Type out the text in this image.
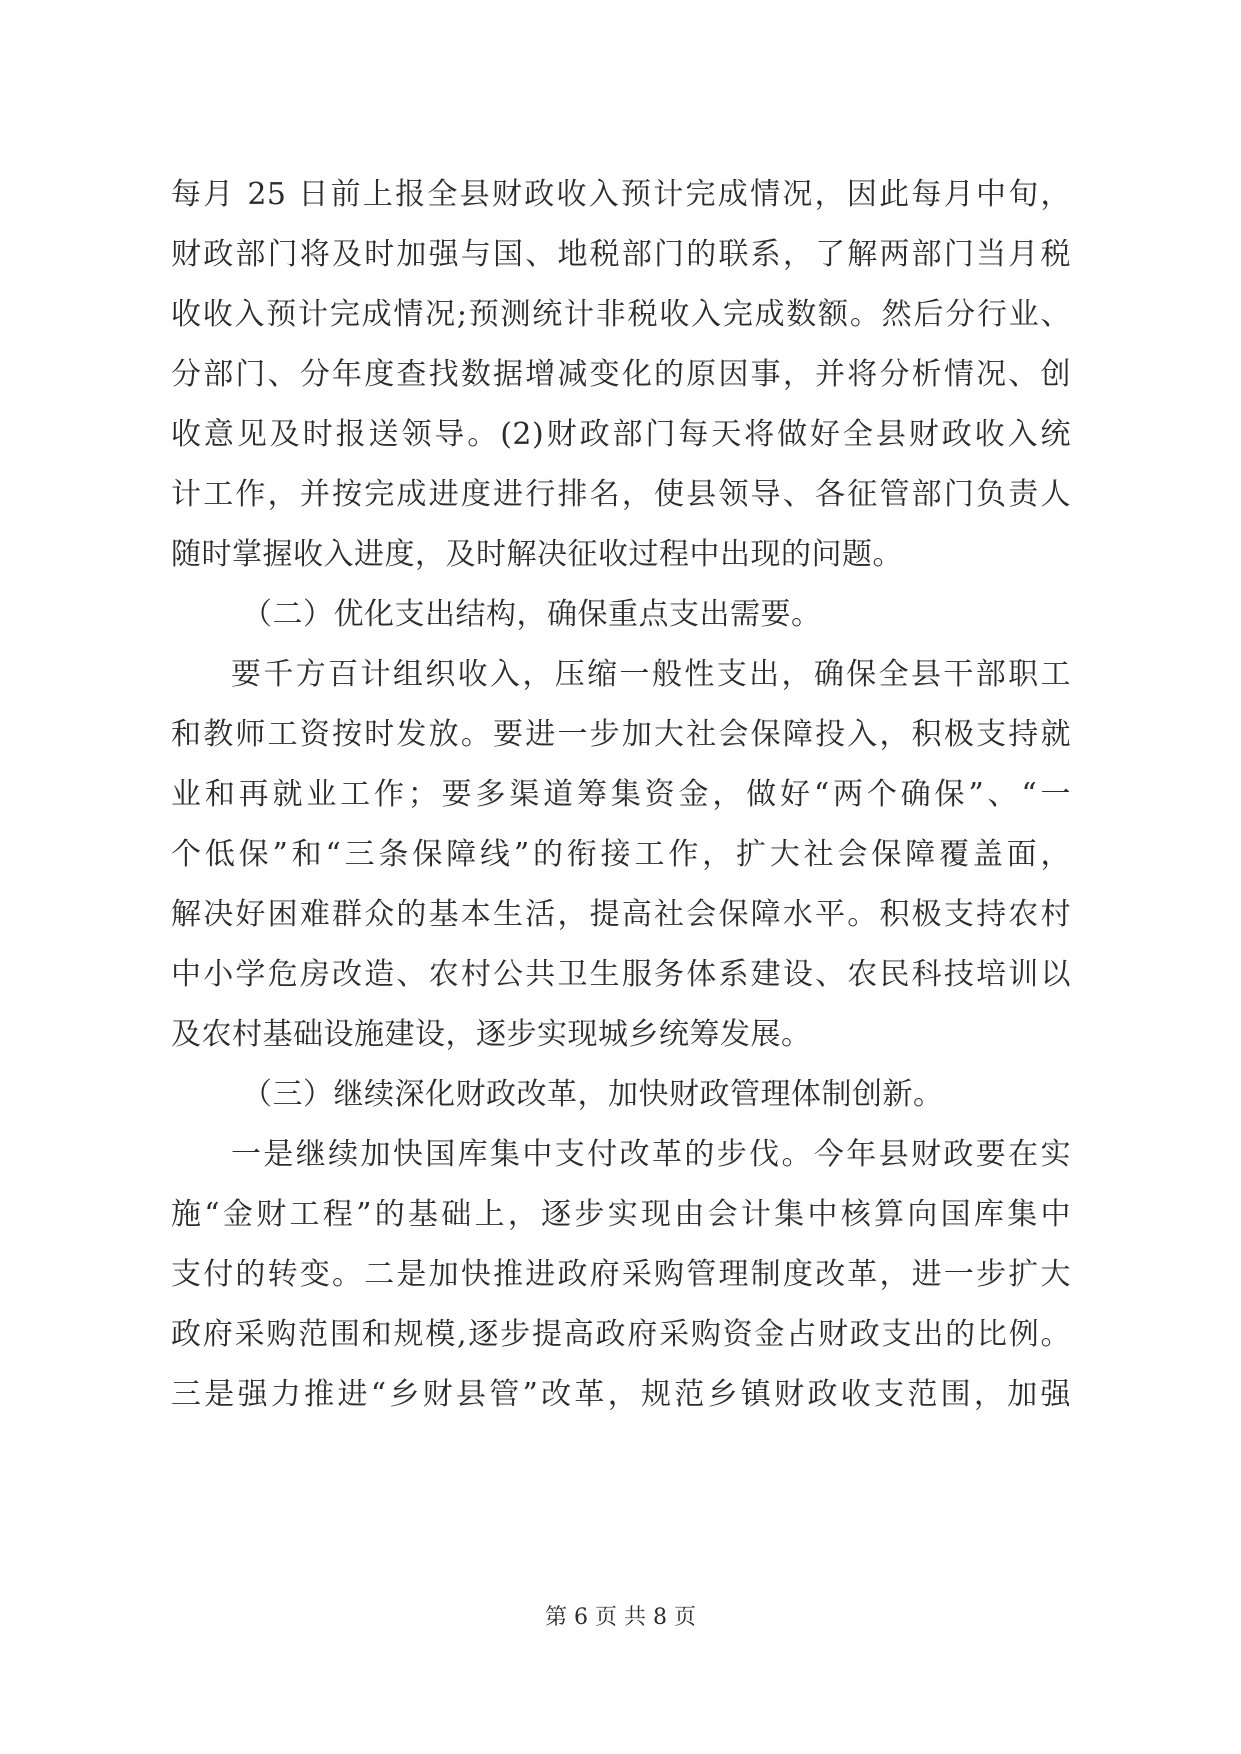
每月 25 日前上报全县财政收入预计完成情况，因此每月中旬，
财政部门将及时加强与国、地税部门的联系，了解两部门当月税
收收入预计完成情况;预测统计非税收入完成数额。然后分行业、
分部门、分年度查找数据增减变化的原因事，并将分析情况、创
收意见及时报送领导。(2)财政部门每天将做好全县财政收入统
计工作，并按完成进度进行排名，使县领导、各征管部门负责人
随时掌握收入进度，及时解决征收过程中出现的问题。
（二）优化支出结构，确保重点支出需要。
要千方百计组织收入，压缩一般性支出，确保全县干部职工
和教师工资按时发放。要进一步加大社会保障投入，积极支持就
业和再就业工作；要多渠道筹集资金，做好“两个确保”、“一
个低保”和“三条保障线”的衔接工作，扩大社会保障覆盖面，
解决好困难群众的基本生活，提高社会保障水平。积极支持农村
中小学危房改造、农村公共卫生服务体系建设、农民科技培训以
及农村基础设施建设，逐步实现城乡统筹发展。
（三）继续深化财政改革，加快财政管理体制创新。
一是继续加快国库集中支付改革的步伐。今年县财政要在实
施“金财工程”的基础上，逐步实现由会计集中核算向国库集中
支付的转变。二是加快推进政府采购管理制度改革，进一步扩大
政府采购范围和规模,逐步提高政府采购资金占财政支出的比例。
三是强力推进“乡财县管”改革，规范乡镇财政收支范围，加强
第 6 页 共 8 页
